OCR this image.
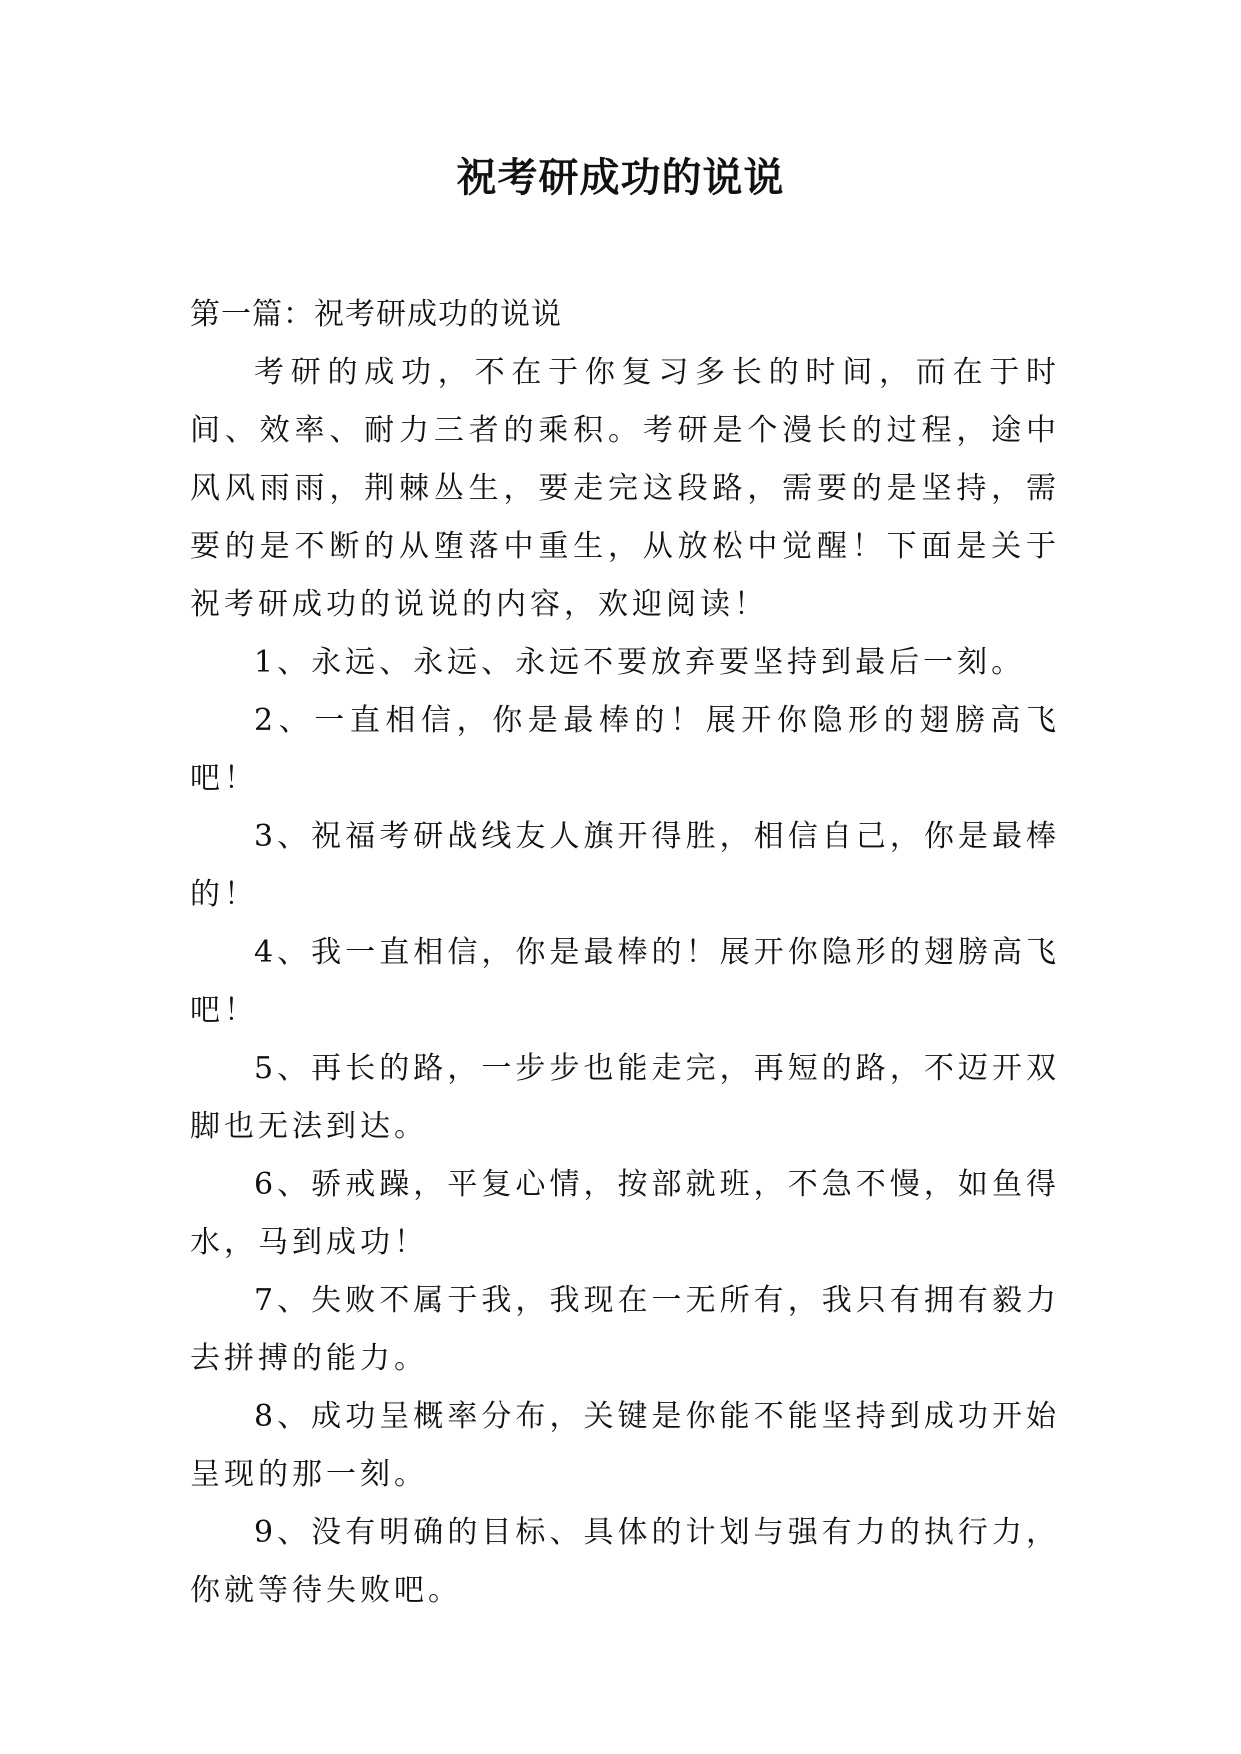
祝考研成功的说说

第一篇：祝考研成功的说说

考研的成功，不在于你复习多长的时间，而在于时间、效率、耐力三者的乘积。考研是个漫长的过程，途中风风雨雨，荆棘丛生，要走完这段路，需要的是坚持，需要的是不断的从堕落中重生，从放松中觉醒！下面是关于祝考研成功的说说的内容，欢迎阅读！

1、永远、永远、永远不要放弃要坚持到最后一刻。

2、一直相信，你是最棒的！展开你隐形的翅膀高飞吧！

3、祝福考研战线友人旗开得胜，相信自己，你是最棒的！

4、我一直相信，你是最棒的！展开你隐形的翅膀高飞吧！

5、再长的路，一步步也能走完，再短的路，不迈开双脚也无法到达。

6、骄戒躁，平复心情，按部就班，不急不慢，如鱼得水，马到成功！

7、失败不属于我，我现在一无所有，我只有拥有毅力去拼搏的能力。

8、成功呈概率分布，关键是你能不能坚持到成功开始呈现的那一刻。

9、没有明确的目标、具体的计划与强有力的执行力，你就等待失败吧。
